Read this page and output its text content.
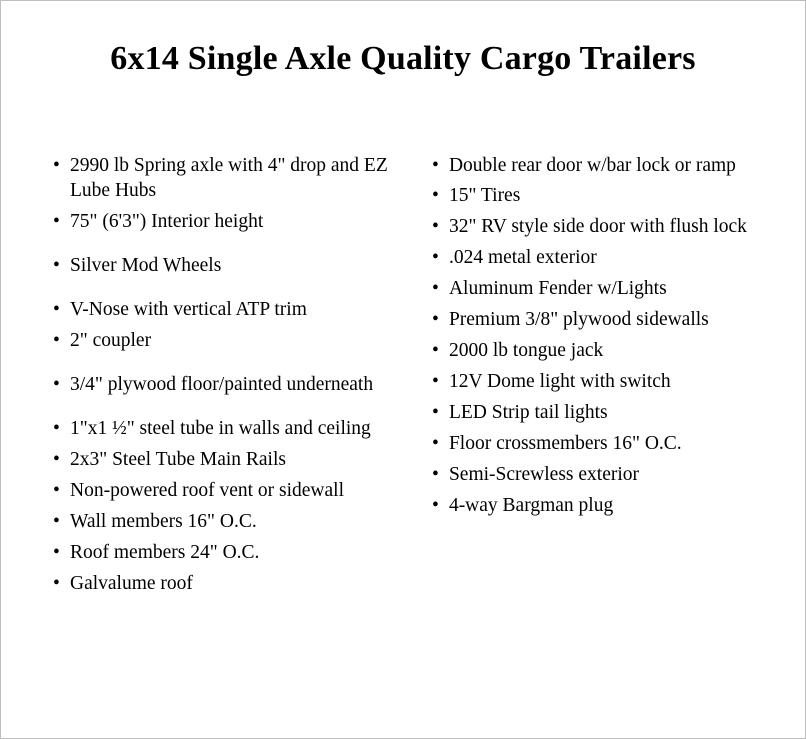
6x14 Single Axle Quality Cargo Trailers
• 2990 lb Spring axle with 4" drop and EZ Lube Hubs
• 75" (6'3") Interior height
• Silver Mod Wheels
• V-Nose with vertical ATP trim
• 2" coupler
• 3/4" plywood floor/painted underneath
• 1"x1 ½" steel tube in walls and ceiling
• 2x3" Steel Tube Main Rails
• Non-powered roof vent or sidewall
• Wall members 16" O.C.
• Roof members 24" O.C.
• Galvalume roof
• Double rear door w/bar lock or ramp
• 15" Tires
• 32" RV style side door with flush lock
• .024 metal exterior
• Aluminum Fender w/Lights
• Premium 3/8" plywood sidewalls
• 2000 lb tongue jack
• 12V Dome light with switch
• LED Strip tail lights
• Floor crossmembers 16" O.C.
• Semi-Screwless exterior
• 4-way Bargman plug
